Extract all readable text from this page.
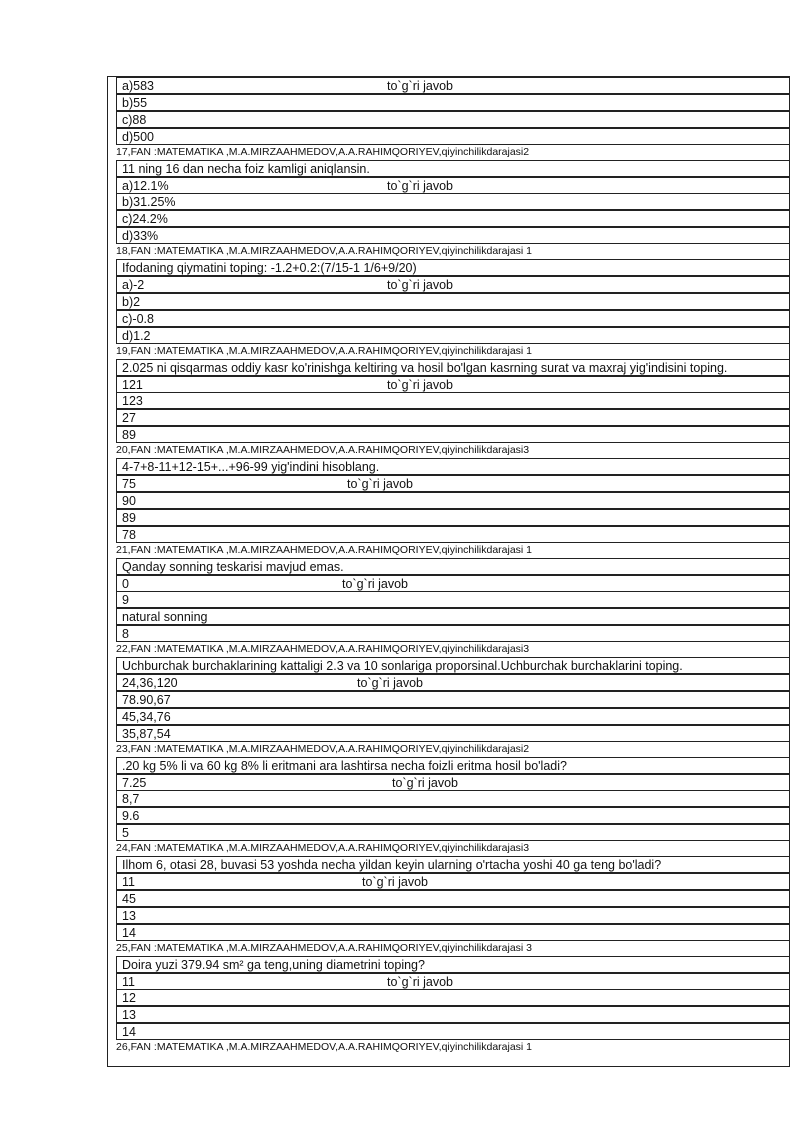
a)583	to`g`ri javob
b)55
c)88
d)500
17,FAN :MATEMATIKA ,M.A.MIRZAAHMEDOV,A.A.RAHIMQORIYEV,qiyinchilikdarajasi2
11 ning 16 dan necha foiz kamligi aniqlansin.
a)12.1%	to`g`ri javob
b)31.25%
c)24.2%
d)33%
18,FAN :MATEMATIKA ,M.A.MIRZAAHMEDOV,A.A.RAHIMQORIYEV,qiyinchilikdarajasi 1
Ifodaning qiymatini toping: -1.2+0.2:(7/15-1 1/6+9/20)
a)-2	to`g`ri javob
b)2
c)-0.8
d)1.2
19,FAN :MATEMATIKA ,M.A.MIRZAAHMEDOV,A.A.RAHIMQORIYEV,qiyinchilikdarajasi 1
2.025 ni qisqarmas oddiy kasr ko'rinishga keltiring va hosil bo'lgan kasrning surat va maxraj yig'indisini toping.
121	to`g`ri javob
123
27
89
20,FAN :MATEMATIKA ,M.A.MIRZAAHMEDOV,A.A.RAHIMQORIYEV,qiyinchilikdarajasi3
4-7+8-11+12-15+...+96-99 yig'indini hisoblang.
75	to`g`ri javob
90
89
78
21,FAN :MATEMATIKA ,M.A.MIRZAAHMEDOV,A.A.RAHIMQORIYEV,qiyinchilikdarajasi 1
Qanday sonning teskarisi mavjud emas.
0	to`g`ri javob
9
natural sonning
8
22,FAN :MATEMATIKA ,M.A.MIRZAAHMEDOV,A.A.RAHIMQORIYEV,qiyinchilikdarajasi3
Uchburchak burchaklarining kattaligi 2.3 va 10 sonlariga proporsinal.Uchburchak burchaklarini toping.
24,36,120	to`g`ri javob
78.90,67
45,34,76
35,87,54
23,FAN :MATEMATIKA ,M.A.MIRZAAHMEDOV,A.A.RAHIMQORIYEV,qiyinchilikdarajasi2
.20 kg 5% li va 60 kg 8% li eritmani ara lashtirsa necha foizli eritma hosil bo'ladi?
7.25	to`g`ri javob
8,7
9.6
5
24,FAN :MATEMATIKA ,M.A.MIRZAAHMEDOV,A.A.RAHIMQORIYEV,qiyinchilikdarajasi3
Ilhom 6, otasi 28, buvasi 53 yoshda necha yildan keyin ularning o'rtacha yoshi 40 ga teng bo'ladi?
11	to`g`ri javob
45
13
14
25,FAN :MATEMATIKA ,M.A.MIRZAAHMEDOV,A.A.RAHIMQORIYEV,qiyinchilikdarajasi 3
Doira yuzi 379.94 sm² ga teng,uning diametrini toping?
11	to`g`ri javob
12
13
14
26,FAN :MATEMATIKA ,M.A.MIRZAAHMEDOV,A.A.RAHIMQORIYEV,qiyinchilikdarajasi 1
